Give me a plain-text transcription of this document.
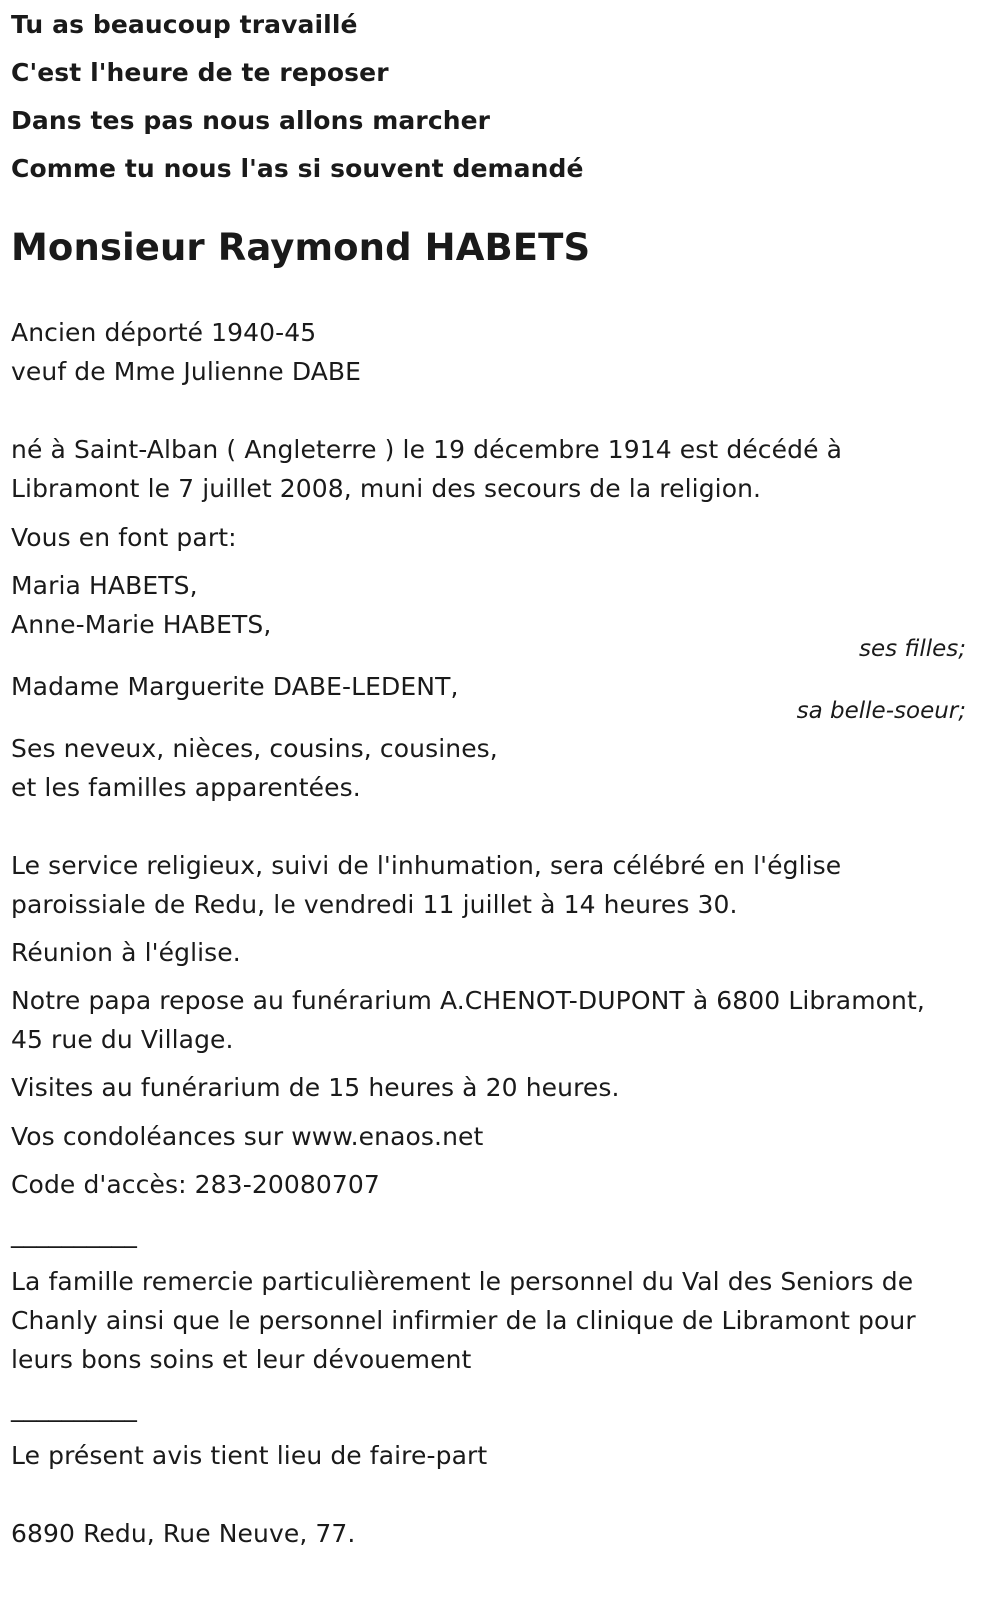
Tu as beaucoup travaillé
C'est l'heure de te reposer
Dans tes pas nous allons marcher
Comme tu nous l'as si souvent demandé
Monsieur Raymond HABETS
Ancien déporté 1940-45
veuf de Mme Julienne DABE
né à Saint-Alban ( Angleterre ) le 19 décembre 1914 est décédé à
Libramont le 7 juillet 2008, muni des secours de la religion.
Vous en font part:
Maria HABETS,
Anne-Marie HABETS,
ses filles;
Madame Marguerite DABE-LEDENT,
sa belle-soeur;
Ses neveux, nièces, cousins, cousines,
et les familles apparentées.
Le service religieux, suivi de l'inhumation, sera célébré en l'église
paroissiale de Redu, le vendredi 11 juillet à 14 heures 30.
Réunion à l'église.
Notre papa repose au funérarium A.CHENOT-DUPONT à 6800 Libramont,
45 rue du Village.
Visites au funérarium de 15 heures à 20 heures.
Vos condoléances sur www.enaos.net
Code d'accès: 283-20080707
__________
La famille remercie particulièrement le personnel du Val des Seniors de
Chanly ainsi que le personnel infirmier de la clinique de Libramont pour
leurs bons soins et leur dévouement
__________
Le présent avis tient lieu de faire-part
6890 Redu, Rue Neuve, 77.
